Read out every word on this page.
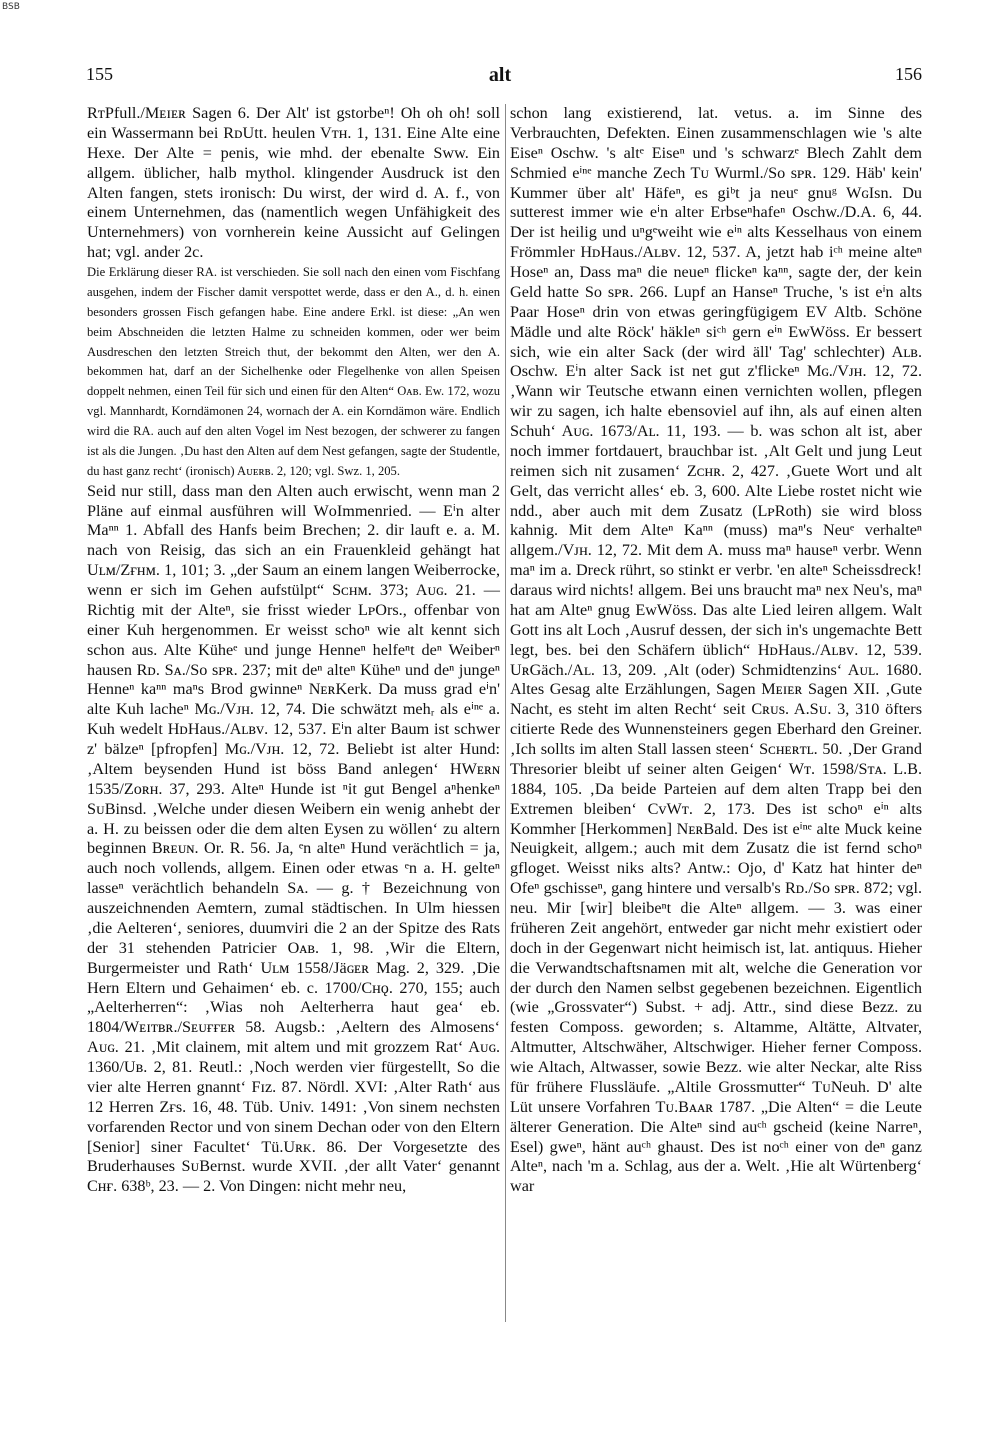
BSB
155	alt	156

RᴛPfull./Mᴇɪᴇʀ Sagen 6. Der Alt' ist gstorbeⁿ! Oh oh oh! soll ein Wassermann bei RᴅUtt. heulen Vᴛʜ. 1, 131. Eine Alte eine Hexe. Der Alte = penis, wie mhd. der ebenalte Sww. Ein allgem. üblicher, halb mythol. klingender Ausdruck ist den Alten fangen, stets ironisch: Du wirst, der wird d. A. f., von einem Unternehmen, das (namentlich wegen Unfähigkeit des Unternehmers) von vornherein keine Aussicht auf Gelingen hat; vgl. ander 2c.

Die Erklärung dieser RA. ist verschieden. Sie soll nach den einen vom Fischfang ausgehen, indem der Fischer damit verspottet werde, dass er den A., d. h. einen besonders grossen Fisch gefangen habe. Eine andere Erkl. ist diese: „An wen beim Abschneiden die letzten Halme zu schneiden kommen, oder wer beim Ausdreschen den letzten Streich thut, der bekommt den Alten, wer den A. bekommen hat, darf an der Sichelhenke oder Flegelhenke von allen Speisen doppelt nehmen, einen Teil für sich und einen für den Alten“ Oᴀʙ. Ew. 172, wozu vgl. Mannhardt, Korndämonen 24, wornach der A. ein Korndämon wäre. Endlich wird die RA. auch auf den alten Vogel im Nest bezogen, der schwerer zu fangen ist als die Jungen. ‚Du hast den Alten auf dem Nest gefangen, sagte der Studentle, du hast ganz recht‘ (ironisch) Aᴜᴇʀʙ. 2, 120; vgl. Swz. 1, 205.

Seid nur still, dass man den Alten auch erwischt, wenn man 2 Pläne auf einmal ausführen will WᴏImmenried. — Eⁱn alter Maⁿⁿ 1. Abfall des Hanfs beim Brechen; 2. dir lauft e. a. M. nach von Reisig, das sich an ein Frauenkleid gehängt hat Uʟᴍ/Zғʜᴍ. 1, 101; 3. „der Saum an einem langen Weiberrocke, wenn er sich im Gehen aufstülpt“ Sᴄʜᴍ. 373; Aᴜɢ. 21. — Richtig mit der Alteⁿ, sie frisst wieder LᴘOrs., offenbar von einer Kuh hergenommen. Er weisst schoⁿ wie alt kennt sich schon aus. Alte Küheᵉ und junge Henneⁿ helfeⁿt deⁿ Weiberⁿ hausen Rᴅ. Sᴀ./So sᴘʀ. 237; mit deⁿ alteⁿ Küheⁿ und deⁿ jungeⁿ Henneⁿ kaⁿⁿ maⁿs Brod gwinneⁿ NᴇʀKerk. Da muss grad eⁱn' alte Kuh lacheⁿ Mɢ./Vᴊʜ. 12, 74. Die schwätzt mehᵣ als eⁱⁿᵉ a. Kuh wedelt HᴅHaus./Aʟʙᴠ. 12, 537. Eⁱn alter Baum ist schwer z' bälzeⁿ [pfropfen] Mɢ./Vᴊʜ. 12, 72. Beliebt ist alter Hund: ‚Altem beysenden Hund ist böss Band anlegen‘ HWᴇʀɴ 1535/Zᴏʀʜ. 37, 293. Alteⁿ Hunde ist ⁿit gut Bengel aⁿhenkeⁿ SᴜBinsd. ‚Welche under diesen Weibern ein wenig anhebt der a. H. zu beissen oder die dem alten Eysen zu wöllen‘ zu altern beginnen Bʀᴇᴜɴ. Or. R. 56. Ja, ᵉn alteⁿ Hund verächtlich = ja, auch noch vollends, allgem. Einen oder etwas ᵉn a. H. gelteⁿ lasseⁿ verächtlich behandeln Sᴀ. — g. † Bezeichnung von auszeichnenden Aemtern, zumal städtischen. In Ulm hiessen ‚die Aelteren‘, seniores, duumviri die 2 an der Spitze des Rats der 31 stehenden Patricier Oᴀʙ. 1, 98. ‚Wir die Eltern, Burgermeister und Rath‘ Uʟᴍ 1558/Jäɢᴇʀ Mag. 2, 329. ‚Die Hern Eltern und Gehaimen‘ eb. c. 1700/Cʜǫ. 270, 155; auch „Aelterherren“: ‚Wias noh Aelterherra haut gea‘ eb. 1804/Wᴇɪᴛʙʀ./Sᴇᴜғғᴇʀ 58. Augsb.: ‚Aeltern des Almosens‘ Aᴜɢ. 21. ‚Mit clainem, mit altem und mit grozzem Rat‘ Aᴜɢ. 1360/Uʙ. 2, 81. Reutl.: ‚Noch werden vier fürgestellt, So die vier alte Herren gnannt‘ Fɪᴢ. 87. Nördl. XVI: ‚Alter Rath‘ aus 12 Herren Zғs. 16, 48. Tüb. Univ. 1491: ‚Von sinem nechsten vorfarenden Rector und von sinem Dechan oder von den Eltern [Senior] siner Facultet‘ Tü.Uʀᴋ. 86. Der Vorgesetzte des Bruderhauses SᴜBernst. wurde XVII. ‚der allt Vater‘ genannt Cʜғ. 638ᵇ, 23. — 2. Von Dingen: nicht mehr neu,

schon lang existierend, lat. vetus. a. im Sinne des Verbrauchten, Defekten. Einen zusammenschlagen wie 's alte Eiseⁿ Oschw. 's altᵉ Eiseⁿ und 's schwarzᵉ Blech Zahlt dem Schmied eⁱⁿᵉ manche Zech Tᴜ Wurml./So sᴘʀ. 129. Häb' kein' Kummer über alt' Häfeⁿ, es giᵇt ja neuᵉ gnuᵍ WɢIsn. Du sutterest immer wie eⁱn alter Erbseⁿhafeⁿ Oschw./D.A. 6, 44. Der ist heilig und uⁿgᵉweiht wie eⁱⁿ alts Kesselhaus von einem Frömmler HᴅHaus./Aʟʙᴠ. 12, 537. A, jetzt hab iᶜʰ meine alteⁿ Hoseⁿ an, Dass maⁿ die neueⁿ flickeⁿ kaⁿⁿ, sagte der, der kein Geld hatte So sᴘʀ. 266. Lupf an Hanseⁿ Truche, 's ist eⁱn alts Paar Hoseⁿ drin von etwas geringfügigem EV Altb. Schöne Mädle und alte Röck' häkleⁿ siᶜʰ gern eⁱⁿ EwWöss. Er bessert sich, wie ein alter Sack (der wird äll' Tag' schlechter) Aʟʙ. Oschw. Eⁱn alter Sack ist net gut z'flickeⁿ Mɢ./Vᴊʜ. 12, 72. ‚Wann wir Teutsche etwann einen vernichten wollen, pflegen wir zu sagen, ich halte ebensoviel auf ihn, als auf einen alten Schuh‘ Aᴜɢ. 1673/Aʟ. 11, 193. — b. was schon alt ist, aber noch immer fortdauert, brauchbar ist. ‚Alt Gelt und jung Leut reimen sich nit zusamen‘ Zᴄʜʀ. 2, 427. ‚Guete Wort und alt Gelt, das verricht alles‘ eb. 3, 600. Alte Liebe rostet nicht wie ndd., aber auch mit dem Zusatz (LᴘRoth) sie wird bloss kahnig. Mit dem Alteⁿ Kaⁿⁿ (muss) maⁿ's Neuᵉ verhalteⁿ allgem./Vᴊʜ. 12, 72. Mit dem A. muss maⁿ hauseⁿ verbr. Wenn maⁿ im a. Dreck rührt, so stinkt er verbr. 'en alteⁿ Scheissdreck! daraus wird nichts! allgem. Bei uns braucht maⁿ nex Neu's, maⁿ hat am Alteⁿ gnug EwWöss. Das alte Lied leiren allgem. Walt Gott ins alt Loch ‚Ausruf dessen, der sich in's ungemachte Bett legt, bes. bei den Schäfern üblich“ HᴅHaus./Aʟʙᴠ. 12, 539. UʀGäch./Aʟ. 13, 209. ‚Alt (oder) Schmidtenzins‘ Aᴜʟ. 1680. Altes Gesag alte Erzählungen, Sagen Mᴇɪᴇʀ Sagen XII. ‚Gute Nacht, es steht im alten Recht‘ seit Cʀᴜs. A.Sᴜ. 3, 310 öfters citierte Rede des Wunnensteiners gegen Eberhard den Greiner. ‚Ich sollts im alten Stall lassen steen‘ Sᴄʜᴇʀᴛʟ. 50. ‚Der Grand Thresorier bleibt uf seiner alten Geigen‘ Wᴛ. 1598/Sᴛᴀ. L.B. 1884, 105. ‚Da beide Parteien auf dem alten Trapp bei den Extremen bleiben‘ CᴠWᴛ. 2, 173. Des ist schoⁿ eⁱⁿ alts Kommher [Herkommen] NᴇʀBald. Des ist eⁱⁿᵉ alte Muck keine Neuigkeit, allgem.; auch mit dem Zusatz die ist fernd schoⁿ gfloget. Weisst niks alts? Antw.: Ojo, d' Katz hat hinter deⁿ Ofeⁿ gschisseⁿ, gang hintere und versalb's Rᴅ./So sᴘʀ. 872; vgl. neu. Mir [wir] bleibeⁿt die Alteⁿ allgem. — 3. was einer früheren Zeit angehört, entweder gar nicht mehr existiert oder doch in der Gegenwart nicht heimisch ist, lat. antiquus. Hieher die Verwandtschaftsnamen mit alt, welche die Generation vor der durch den Namen selbst gegebenen bezeichnen. Eigentlich (wie „Grossvater“) Subst. + adj. Attr., sind diese Bezz. zu festen Composs. geworden; s. Altamme, Altätte, Altvater, Altmutter, Altschwäher, Altschwiger. Hieher ferner Composs. wie Altach, Altwasser, sowie Bezz. wie alter Neckar, alte Riss für frühere Flussläufe. „Altile Grossmutter“ TᴜNeuh. D' alte Lüt unsere Vorfahren Tᴜ.Bᴀᴀʀ 1787. „Die Alten“ = die Leute älterer Generation. Die Alteⁿ sind auᶜʰ gscheid (keine Narreⁿ, Esel) gweⁿ, hänt auᶜʰ ghaust. Des ist noᶜʰ einer von deⁿ ganz Alteⁿ, nach 'm a. Schlag, aus der a. Welt. ‚Hie alt Würtenberg‘ war
